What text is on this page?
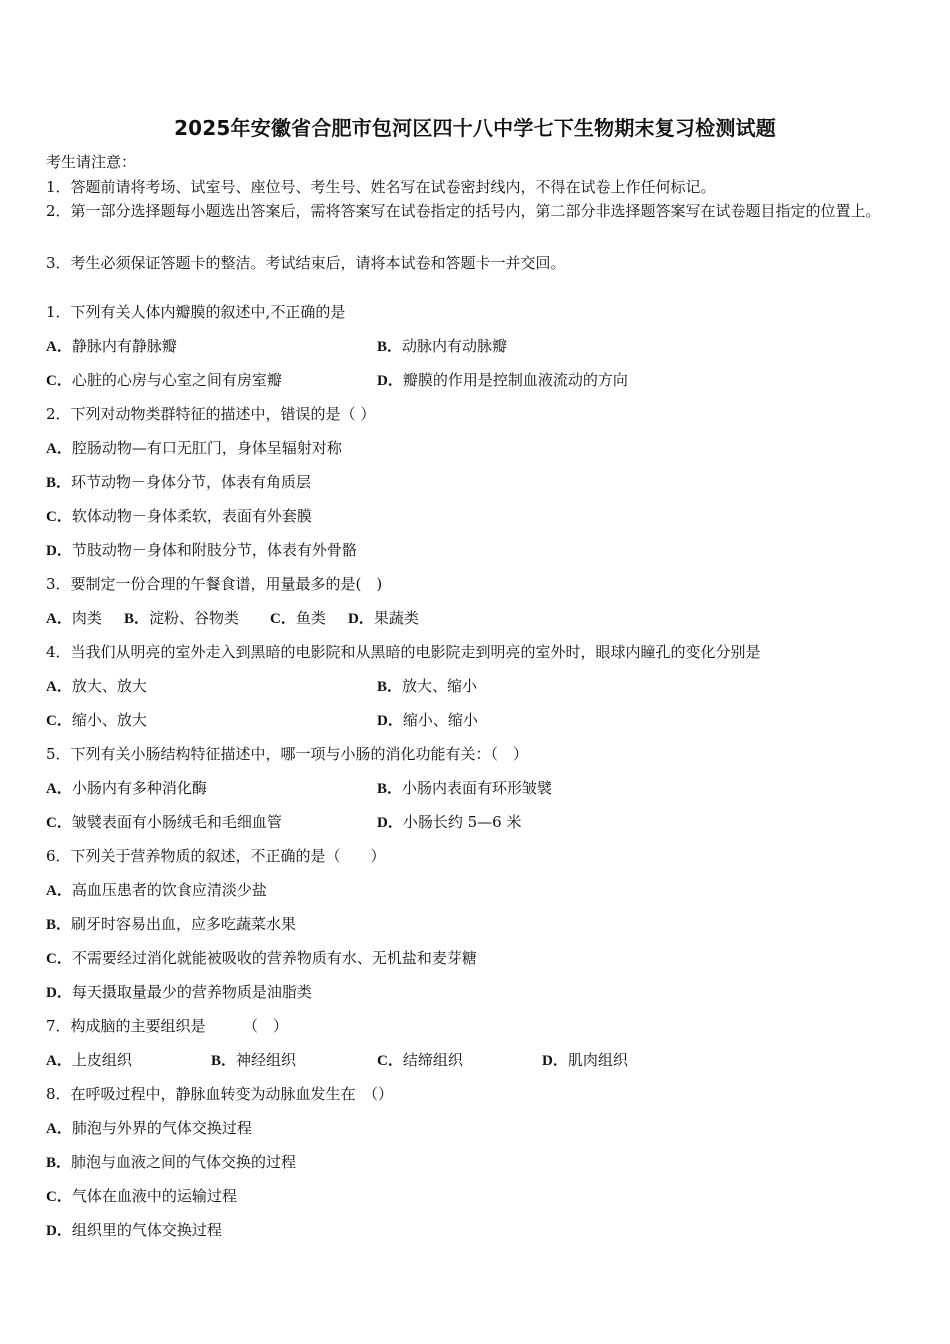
2025年安徽省合肥市包河区四十八中学七下生物期末复习检测试题
考生请注意：
1．答题前请将考场、试室号、座位号、考生号、姓名写在试卷密封线内，不得在试卷上作任何标记。
2．第一部分选择题每小题选出答案后，需将答案写在试卷指定的括号内，第二部分非选择题答案写在试卷题目指定的位置上。
3．考生必须保证答题卡的整洁。考试结束后，请将本试卷和答题卡一并交回。
1．下列有关人体内瓣膜的叙述中,不正确的是
A．静脉内有静脉瓣	B．动脉内有动脉瓣
C．心脏的心房与心室之间有房室瓣	D．瓣膜的作用是控制血液流动的方向
2．下列对动物类群特征的描述中，错误的是（ ）
A．腔肠动物—有口无肛门，身体呈辐射对称
B．环节动物－身体分节，体表有角质层
C．软体动物－身体柔软，表面有外套膜
D．节肢动物－身体和附肢分节，体表有外骨骼
3．要制定一份合理的午餐食谱，用量最多的是(　)
A．肉类 B．淀粉、谷物类 C．鱼类 D．果蔬类
4．当我们从明亮的室外走入到黑暗的电影院和从黑暗的电影院走到明亮的室外时，眼球内瞳孔的变化分别是
A．放大、放大	B．放大、缩小
C．缩小、放大	D．缩小、缩小
5．下列有关小肠结构特征描述中，哪一项与小肠的消化功能有关：（　）
A．小肠内有多种消化酶	B．小肠内表面有环形皱襞
C．皱襞表面有小肠绒毛和毛细血管	D．小肠长约 5—6 米
6．下列关于营养物质的叙述，不正确的是（　　）
A．高血压患者的饮食应清淡少盐
B．刷牙时容易出血，应多吃蔬菜水果
C．不需要经过消化就能被吸收的营养物质有水、无机盐和麦芽糖
D．每天摄取量最少的营养物质是油脂类
7．构成脑的主要组织是　　　（　）
A．上皮组织	B．神经组织	C．结缔组织	D．肌肉组织
8．在呼吸过程中，静脉血转变为动脉血发生在　（）
A．肺泡与外界的气体交换过程
B．肺泡与血液之间的气体交换的过程
C．气体在血液中的运输过程
D．组织里的气体交换过程
